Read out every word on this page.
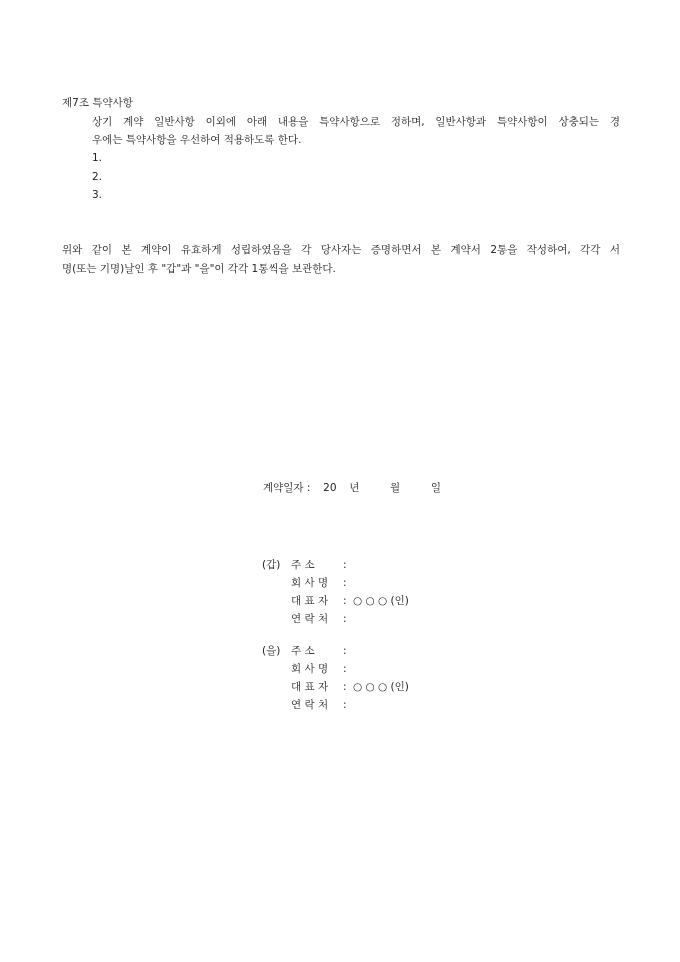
제7조 특약사항
상기 계약 일반사항 이외에 아래 내용을 특약사항으로 정하며, 일반사항과 특약사항이 상충되는 경
우에는 특약사항을 우선하여 적용하도록 한다.
1.
2.
3.
위와 같이 본 계약이 유효하게 성립하였음을 각 당사자는 증명하면서 본 계약서 2통을 작성하여, 각각 서
명(또는 기명)날인 후 "갑"과 "을"이 각각 1통씩을 보관한다.
계약일자 : 20 년	월	일
(갑) 주 소	:
회 사 명 :
대 표 자 : ○ ○ ○ (인)
연 락 처 :
(을) 주 소	:
회 사 명 :
대 표 자 : ○ ○ ○ (인)
연 락 처 :
